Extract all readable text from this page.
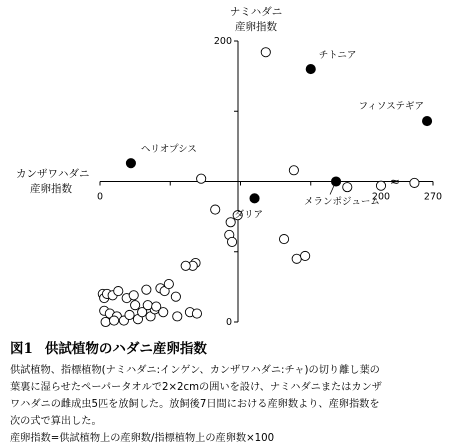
0	200	270
0
200
≈
チトニア
フィソステギア
ヘリオプシス
メランポジューム
ダリア
ナミハダニ
産卵指数
カンザワハダニ
産卵指数
図1 供試植物のハダニ産卵指数
供試植物、指標植物(ナミハダニ:インゲン、カンザワハダニ:チャ)の切り離し葉の
葉裏に湿らせたペーパータオルで2×2cmの囲いを設け、ナミハダニまたはカンザ
ワハダニの雌成虫5匹を放飼した。放飼後7日間における産卵数より、産卵指数を
次の式で算出した。
産卵指数=供試植物上の産卵数/指標植物上の産卵数×100
